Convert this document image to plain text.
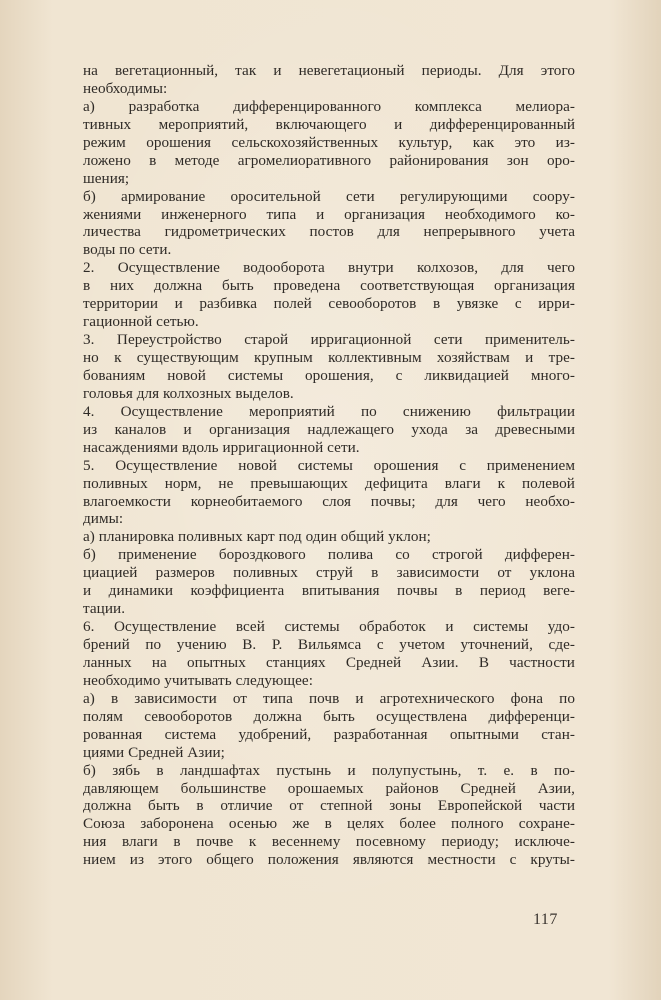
на вегетационный, так и невегетационый периоды. Для этого
необходимы:
а) разработка дифференцированного комплекса мелиора-
тивных мероприятий, включающего и дифференцированный
режим орошения сельскохозяйственных культур, как это из-
ложено в методе агромелиоративного районирования зон оро-
шения;
б) армирование оросительной сети регулирующими соору-
жениями инженерного типа и организация необходимого ко-
личества гидрометрических постов для непрерывного учета
воды по сети.
2. Осуществление водооборота внутри колхозов, для чего
в них должна быть проведена соответствующая организация
территории и разбивка полей севооборотов в увязке с ирри-
гационной сетью.
3. Переустройство старой ирригационной сети применитель-
но к существующим крупным коллективным хозяйствам и тре-
бованиям новой системы орошения, с ликвидацией много-
головья для колхозных выделов.
4. Осуществление мероприятий по снижению фильтрации
из каналов и организация надлежащего ухода за древесными
насаждениями вдоль ирригационной сети.
5. Осуществление новой системы орошения с применением
поливных норм, не превышающих дефицита влаги к полевой
влагоемкости корнеобитаемого слоя почвы; для чего необхо-
димы:
а) планировка поливных карт под один общий уклон;
б) применение бороздкового полива со строгой дифферен-
циацией размеров поливных струй в зависимости от уклона
и динамики коэффициента впитывания почвы в период веге-
тации.
6. Осуществление всей системы обработок и системы удо-
брений по учению В. Р. Вильямса с учетом уточнений, сде-
ланных на опытных станциях Средней Азии. В частности
необходимо учитывать следующее:
а) в зависимости от типа почв и агротехнического фона по
полям севооборотов должна быть осуществлена дифференци-
рованная система удобрений, разработанная опытными стан-
циями Средней Азии;
б) зябь в ландшафтах пустынь и полупустынь, т. е. в по-
давляющем большинстве орошаемых районов Средней Азии,
должна быть в отличие от степной зоны Европейской части
Союза заборонена осенью же в целях более полного сохране-
ния влаги в почве к весеннему посевному периоду; исключе-
нием из этого общего положения являются местности с круты-
117
